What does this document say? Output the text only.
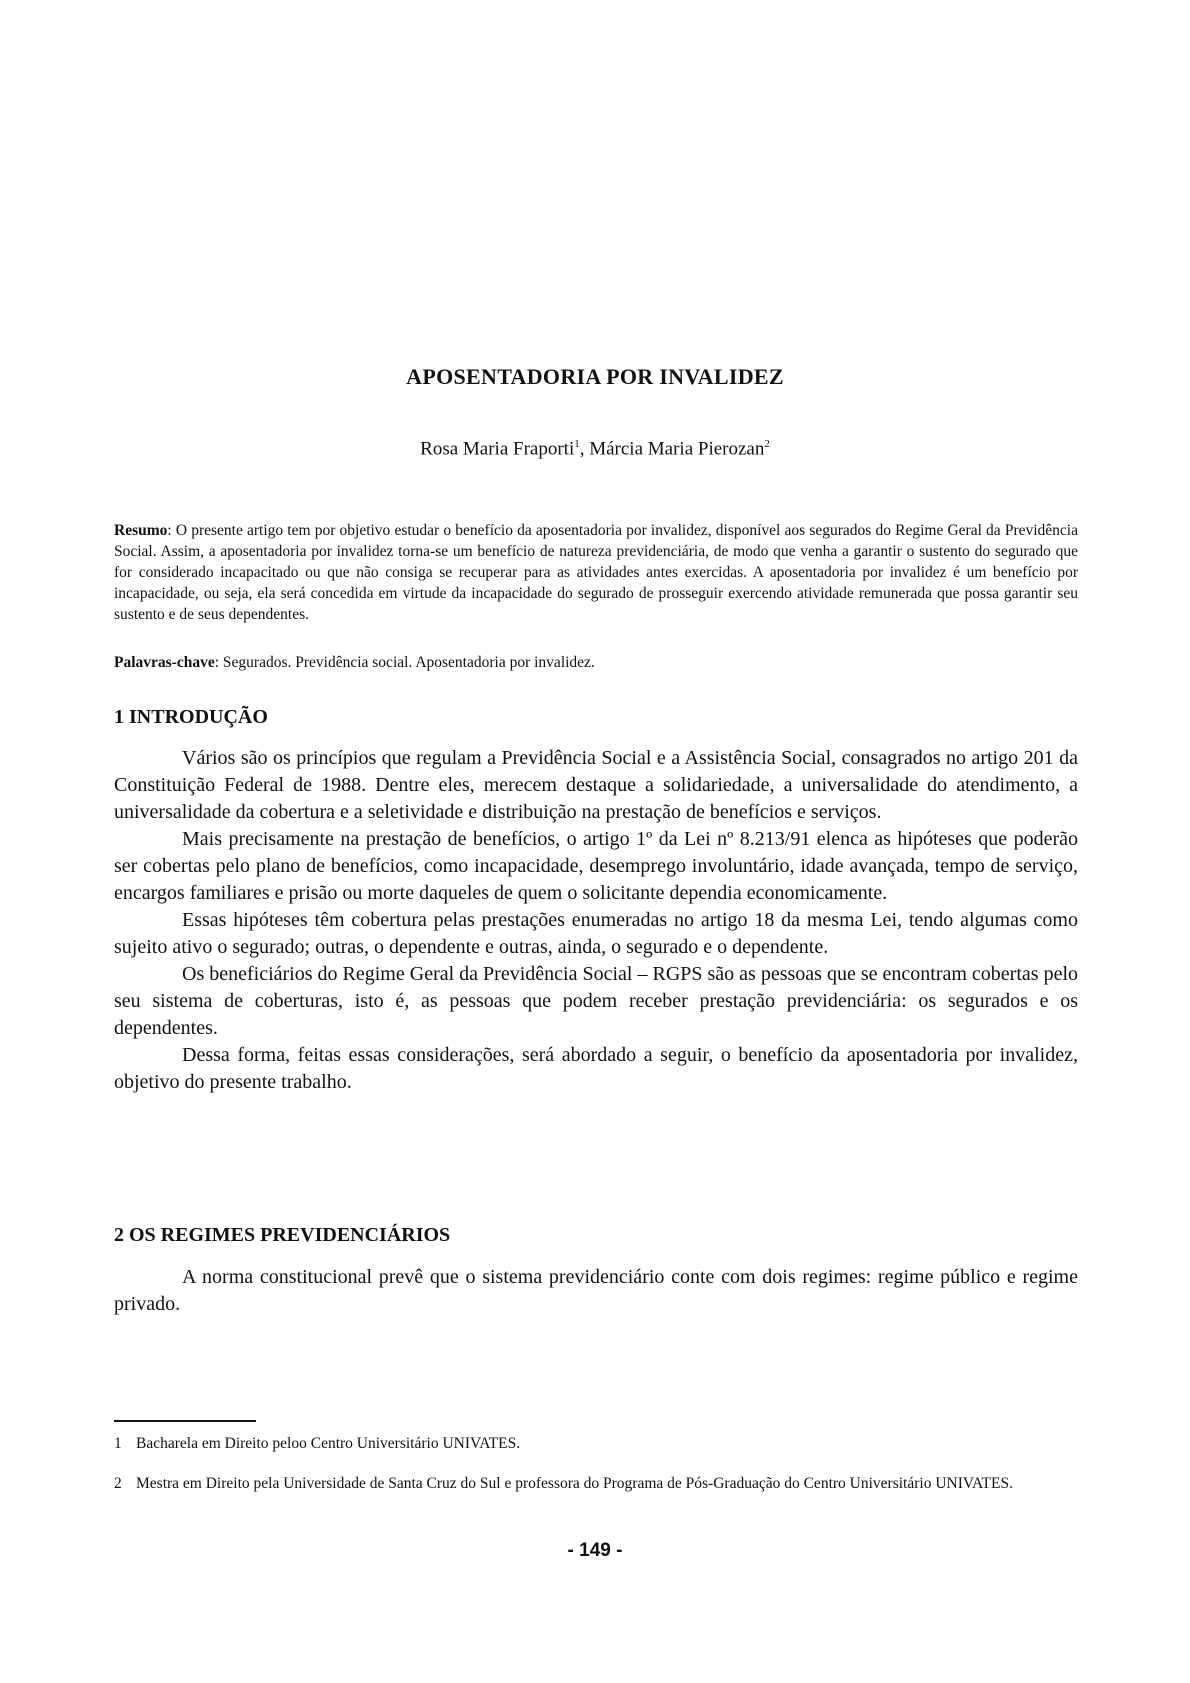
APOSENTADORIA POR INVALIDEZ
Rosa Maria Fraporti$^1$, Márcia Maria Pierozan$^2$
Resumo: O presente artigo tem por objetivo estudar o benefício da aposentadoria por invalidez, disponível aos segurados do Regime Geral da Previdência Social. Assim, a aposentadoria por invalidez torna-se um benefício de natureza previdenciária, de modo que venha a garantir o sustento do segurado que for considerado incapacitado ou que não consiga se recuperar para as atividades antes exercidas. A aposentadoria por invalidez é um benefício por incapacidade, ou seja, ela será concedida em virtude da incapacidade do segurado de prosseguir exercendo atividade remunerada que possa garantir seu sustento e de seus dependentes.
Palavras-chave: Segurados. Previdência social. Aposentadoria por invalidez.
1 INTRODUÇÃO

Vários são os princípios que regulam a Previdência Social e a Assistência Social, consagrados no artigo 201 da Constituição Federal de 1988. Dentre eles, merecem destaque a solidariedade, a universalidade do atendimento, a universalidade da cobertura e a seletividade e distribuição na prestação de benefícios e serviços.

Mais precisamente na prestação de benefícios, o artigo 1º da Lei nº 8.213/91 elenca as hipóteses que poderão ser cobertas pelo plano de benefícios, como incapacidade, desemprego involuntário, idade avançada, tempo de serviço, encargos familiares e prisão ou morte daqueles de quem o solicitante dependia economicamente.

Essas hipóteses têm cobertura pelas prestações enumeradas no artigo 18 da mesma Lei, tendo algumas como sujeito ativo o segurado; outras, o dependente e outras, ainda, o segurado e o dependente.

Os beneficiários do Regime Geral da Previdência Social – RGPS são as pessoas que se encontram cobertas pelo seu sistema de coberturas, isto é, as pessoas que podem receber prestação previdenciária: os segurados e os dependentes.

Dessa forma, feitas essas considerações, será abordado a seguir, o benefício da aposentadoria por invalidez, objetivo do presente trabalho.

2 OS REGIMES PREVIDENCIÁRIOS

A norma constitucional prevê que o sistema previdenciário conte com dois regimes: regime público e regime privado.

1 Bacharela em Direito peloo Centro Universitário UNIVATES.
2 Mestra em Direito pela Universidade de Santa Cruz do Sul e professora do Programa de Pós-Graduação do Centro Universitário UNIVATES.
- 149 -
